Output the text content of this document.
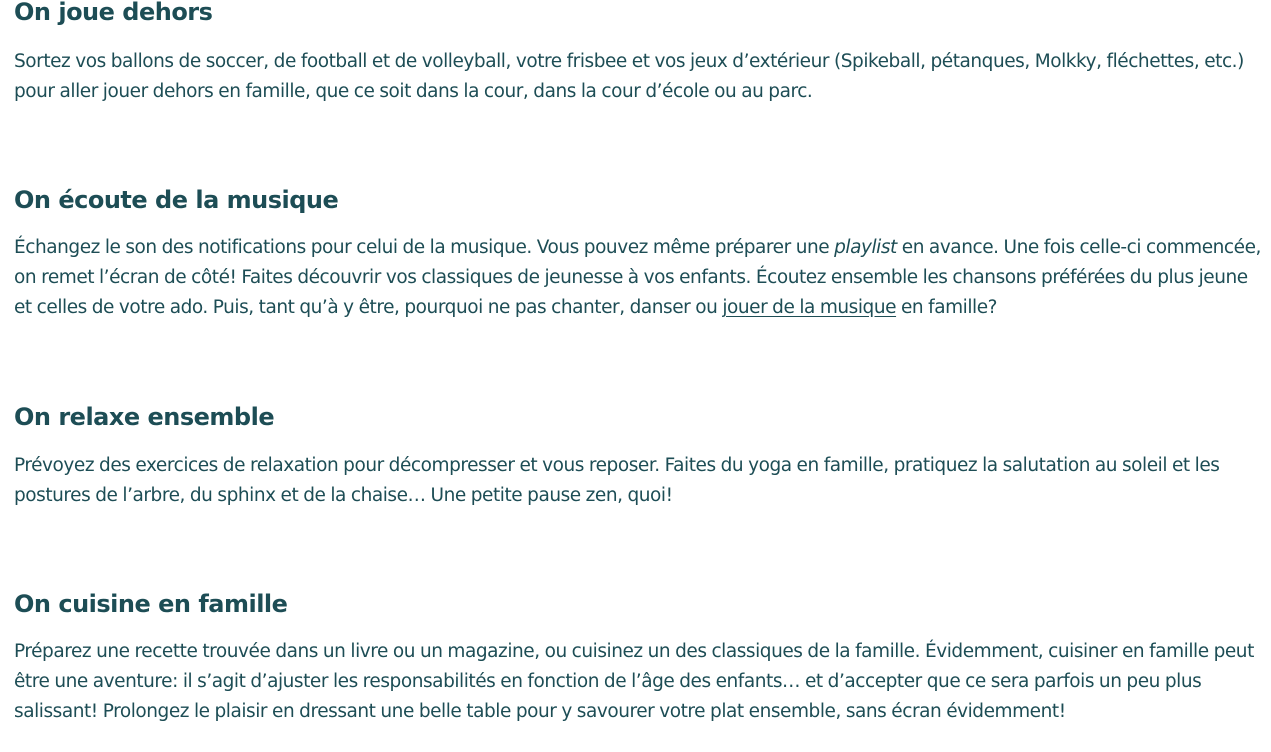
On joue dehors

Sortez vos ballons de soccer, de football et de volleyball, votre frisbee et vos jeux d’extérieur (Spikeball, pétanques, Molkky, fléchettes, etc.) pour aller jouer dehors en famille, que ce soit dans la cour, dans la cour d’école ou au parc.

On écoute de la musique

Échangez le son des notifications pour celui de la musique. Vous pouvez même préparer une playlist en avance. Une fois celle-ci commencée, on remet l’écran de côté! Faites découvrir vos classiques de jeunesse à vos enfants. Écoutez ensemble les chansons préférées du plus jeune et celles de votre ado. Puis, tant qu’à y être, pourquoi ne pas chanter, danser ou jouer de la musique en famille?

On relaxe ensemble

Prévoyez des exercices de relaxation pour décompresser et vous reposer. Faites du yoga en famille, pratiquez la salutation au soleil et les postures de l’arbre, du sphinx et de la chaise… Une petite pause zen, quoi!

On cuisine en famille

Préparez une recette trouvée dans un livre ou un magazine, ou cuisinez un des classiques de la famille. Évidemment, cuisiner en famille peut être une aventure: il s’agit d’ajuster les responsabilités en fonction de l’âge des enfants… et d’accepter que ce sera parfois un peu plus salissant! Prolongez le plaisir en dressant une belle table pour y savourer votre plat ensemble, sans écran évidemment!
